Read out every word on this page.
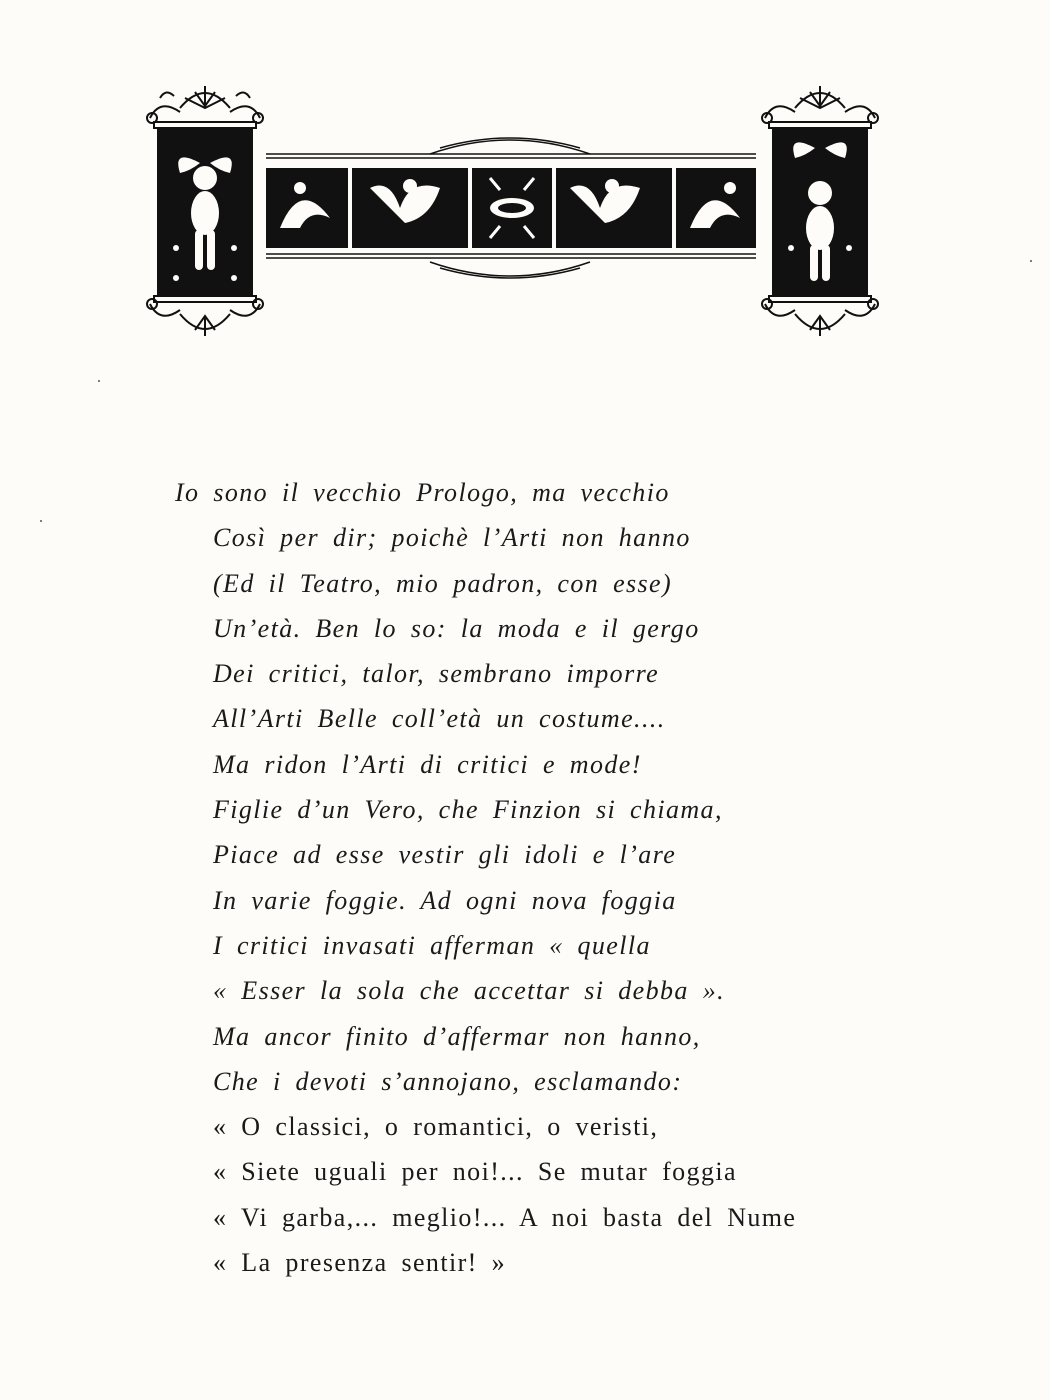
Io sono il vecchio Prologo, ma vecchio
Così per dir; poichè l’Arti non hanno
(Ed il Teatro, mio padron, con esse)
Un’età. Ben lo so: la moda e il gergo
Dei critici, talor, sembrano imporre
All’Arti Belle coll’età un costume....
Ma ridon l’Arti di critici e mode!
Figlie d’un Vero, che Finzion si chiama,
Piace ad esse vestir gli idoli e l’are
In varie foggie. Ad ogni nova foggia
I critici invasati afferman « quella
« Esser la sola che accettar si debba ».
Ma ancor finito d’affermar non hanno,
Che i devoti s’annojano, esclamando:
« O classici, o romantici, o veristi,
« Siete uguali per noi!... Se mutar foggia
« Vi garba,... meglio!... A noi basta del Nume
« La presenza sentir! »
